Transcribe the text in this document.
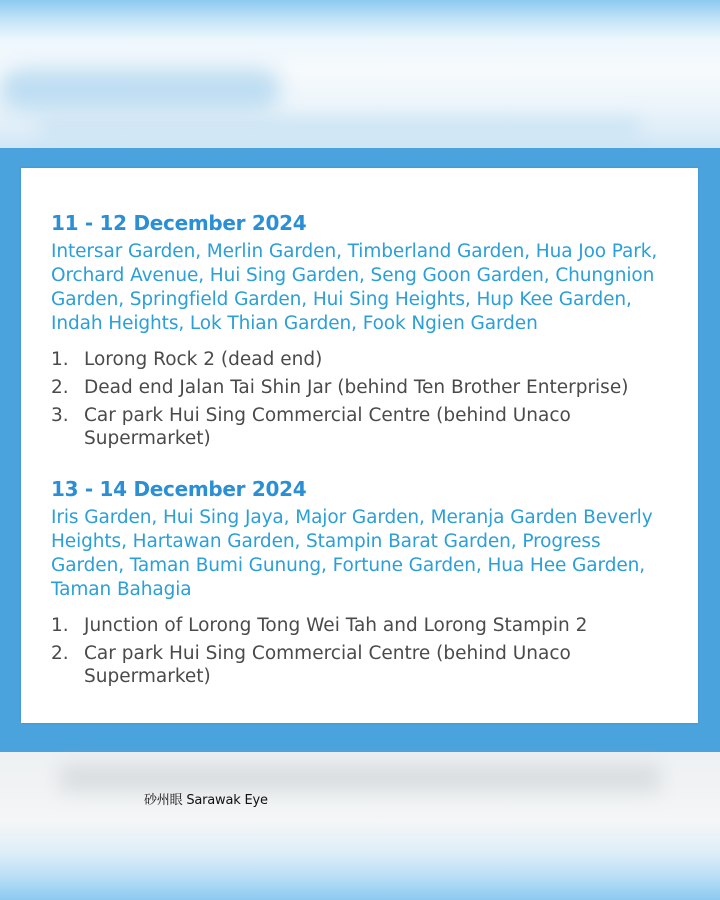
11 - 12 December 2024
Intersar Garden, Merlin Garden, Timberland Garden, Hua Joo Park, Orchard Avenue, Hui Sing Garden, Seng Goon Garden, Chungnion Garden, Springfield Garden, Hui Sing Heights, Hup Kee Garden, Indah Heights, Lok Thian Garden, Fook Ngien Garden
1. Lorong Rock 2 (dead end)
2. Dead end Jalan Tai Shin Jar (behind Ten Brother Enterprise)
3. Car park Hui Sing Commercial Centre (behind Unaco Supermarket)
13 - 14 December 2024
Iris Garden, Hui Sing Jaya, Major Garden, Meranja Garden Beverly Heights, Hartawan Garden, Stampin Barat Garden, Progress Garden, Taman Bumi Gunung, Fortune Garden, Hua Hee Garden, Taman Bahagia
1. Junction of Lorong Tong Wei Tah and Lorong Stampin 2
2. Car park Hui Sing Commercial Centre (behind Unaco Supermarket)
砂州眼 Sarawak Eye
